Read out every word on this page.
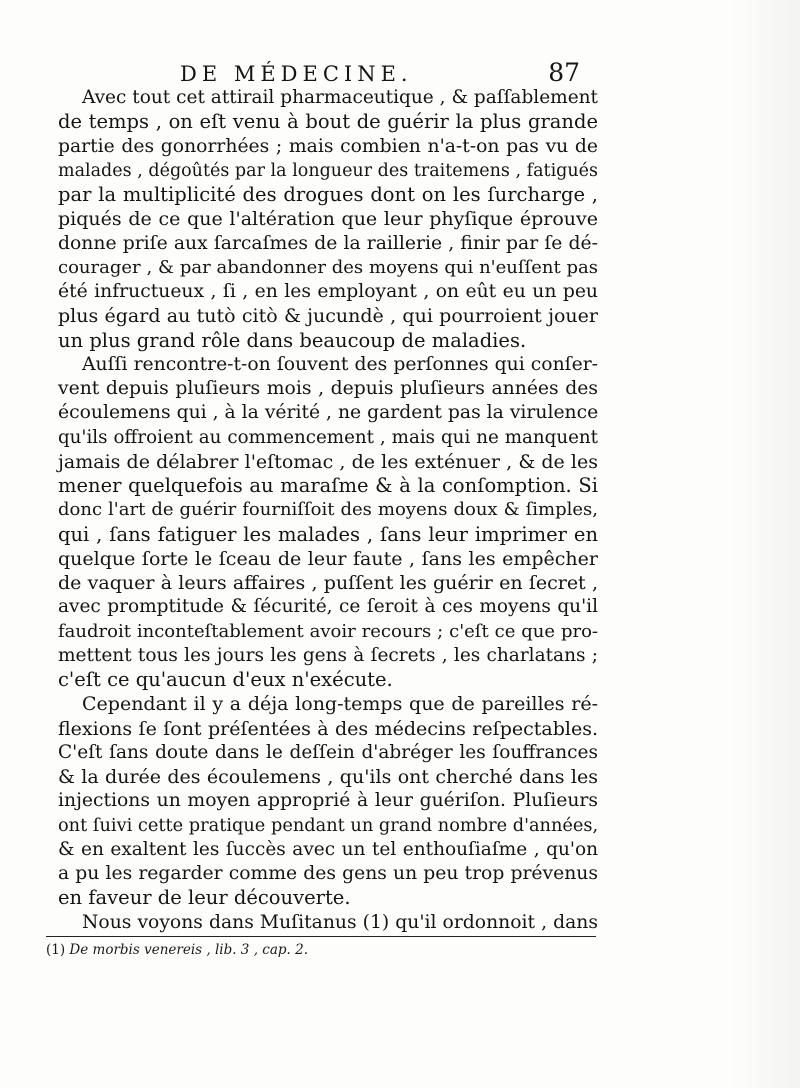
DE MÉDECINE.	87
Avec tout cet attirail pharmaceutique , & paſſablement
de temps , on eſt venu à bout de guérir la plus grande
partie des gonorrhées ; mais combien n'a-t-on pas vu de
malades , dégoûtés par la longueur des traitemens , fatigués
par la multiplicité des drogues dont on les ſurcharge ,
piqués de ce que l'altération que leur phyſique éprouve
donne priſe aux ſarcaſmes de la raillerie , finir par ſe dé-
courager , & par abandonner des moyens qui n'euſſent pas
été infructueux , ſi , en les employant , on eût eu un peu
plus égard au tutò citò & jucundè , qui pourroient jouer
un plus grand rôle dans beaucoup de maladies.
Auſſi rencontre-t-on ſouvent des perſonnes qui conſer-
vent depuis pluſieurs mois , depuis pluſieurs années des
écoulemens qui , à la vérité , ne gardent pas la virulence
qu'ils offroient au commencement , mais qui ne manquent
jamais de délabrer l'eſtomac , de les exténuer , & de les
mener quelquefois au maraſme & à la conſomption. Si
donc l'art de guérir fourniſſoit des moyens doux & ſimples,
qui , ſans fatiguer les malades , ſans leur imprimer en
quelque ſorte le ſceau de leur faute , ſans les empêcher
de vaquer à leurs affaires , puſſent les guérir en ſecret ,
avec promptitude & ſécurité, ce ſeroit à ces moyens qu'il
faudroit inconteſtablement avoir recours ; c'eſt ce que pro-
mettent tous les jours les gens à ſecrets , les charlatans ;
c'eſt ce qu'aucun d'eux n'exécute.
Cependant il y a déja long-temps que de pareilles ré-
flexions ſe ſont préſentées à des médecins reſpectables.
C'eſt ſans doute dans le deſſein d'abréger les ſouffrances
& la durée des écoulemens , qu'ils ont cherché dans les
injections un moyen approprié à leur guériſon. Pluſieurs
ont ſuivi cette pratique pendant un grand nombre d'années,
& en exaltent les ſuccès avec un tel enthouſiaſme , qu'on
a pu les regarder comme des gens un peu trop prévenus
en faveur de leur découverte.
Nous voyons dans Muſitanus (1) qu'il ordonnoit , dans
(1) De morbis venereis , lib. 3 , cap. 2.
